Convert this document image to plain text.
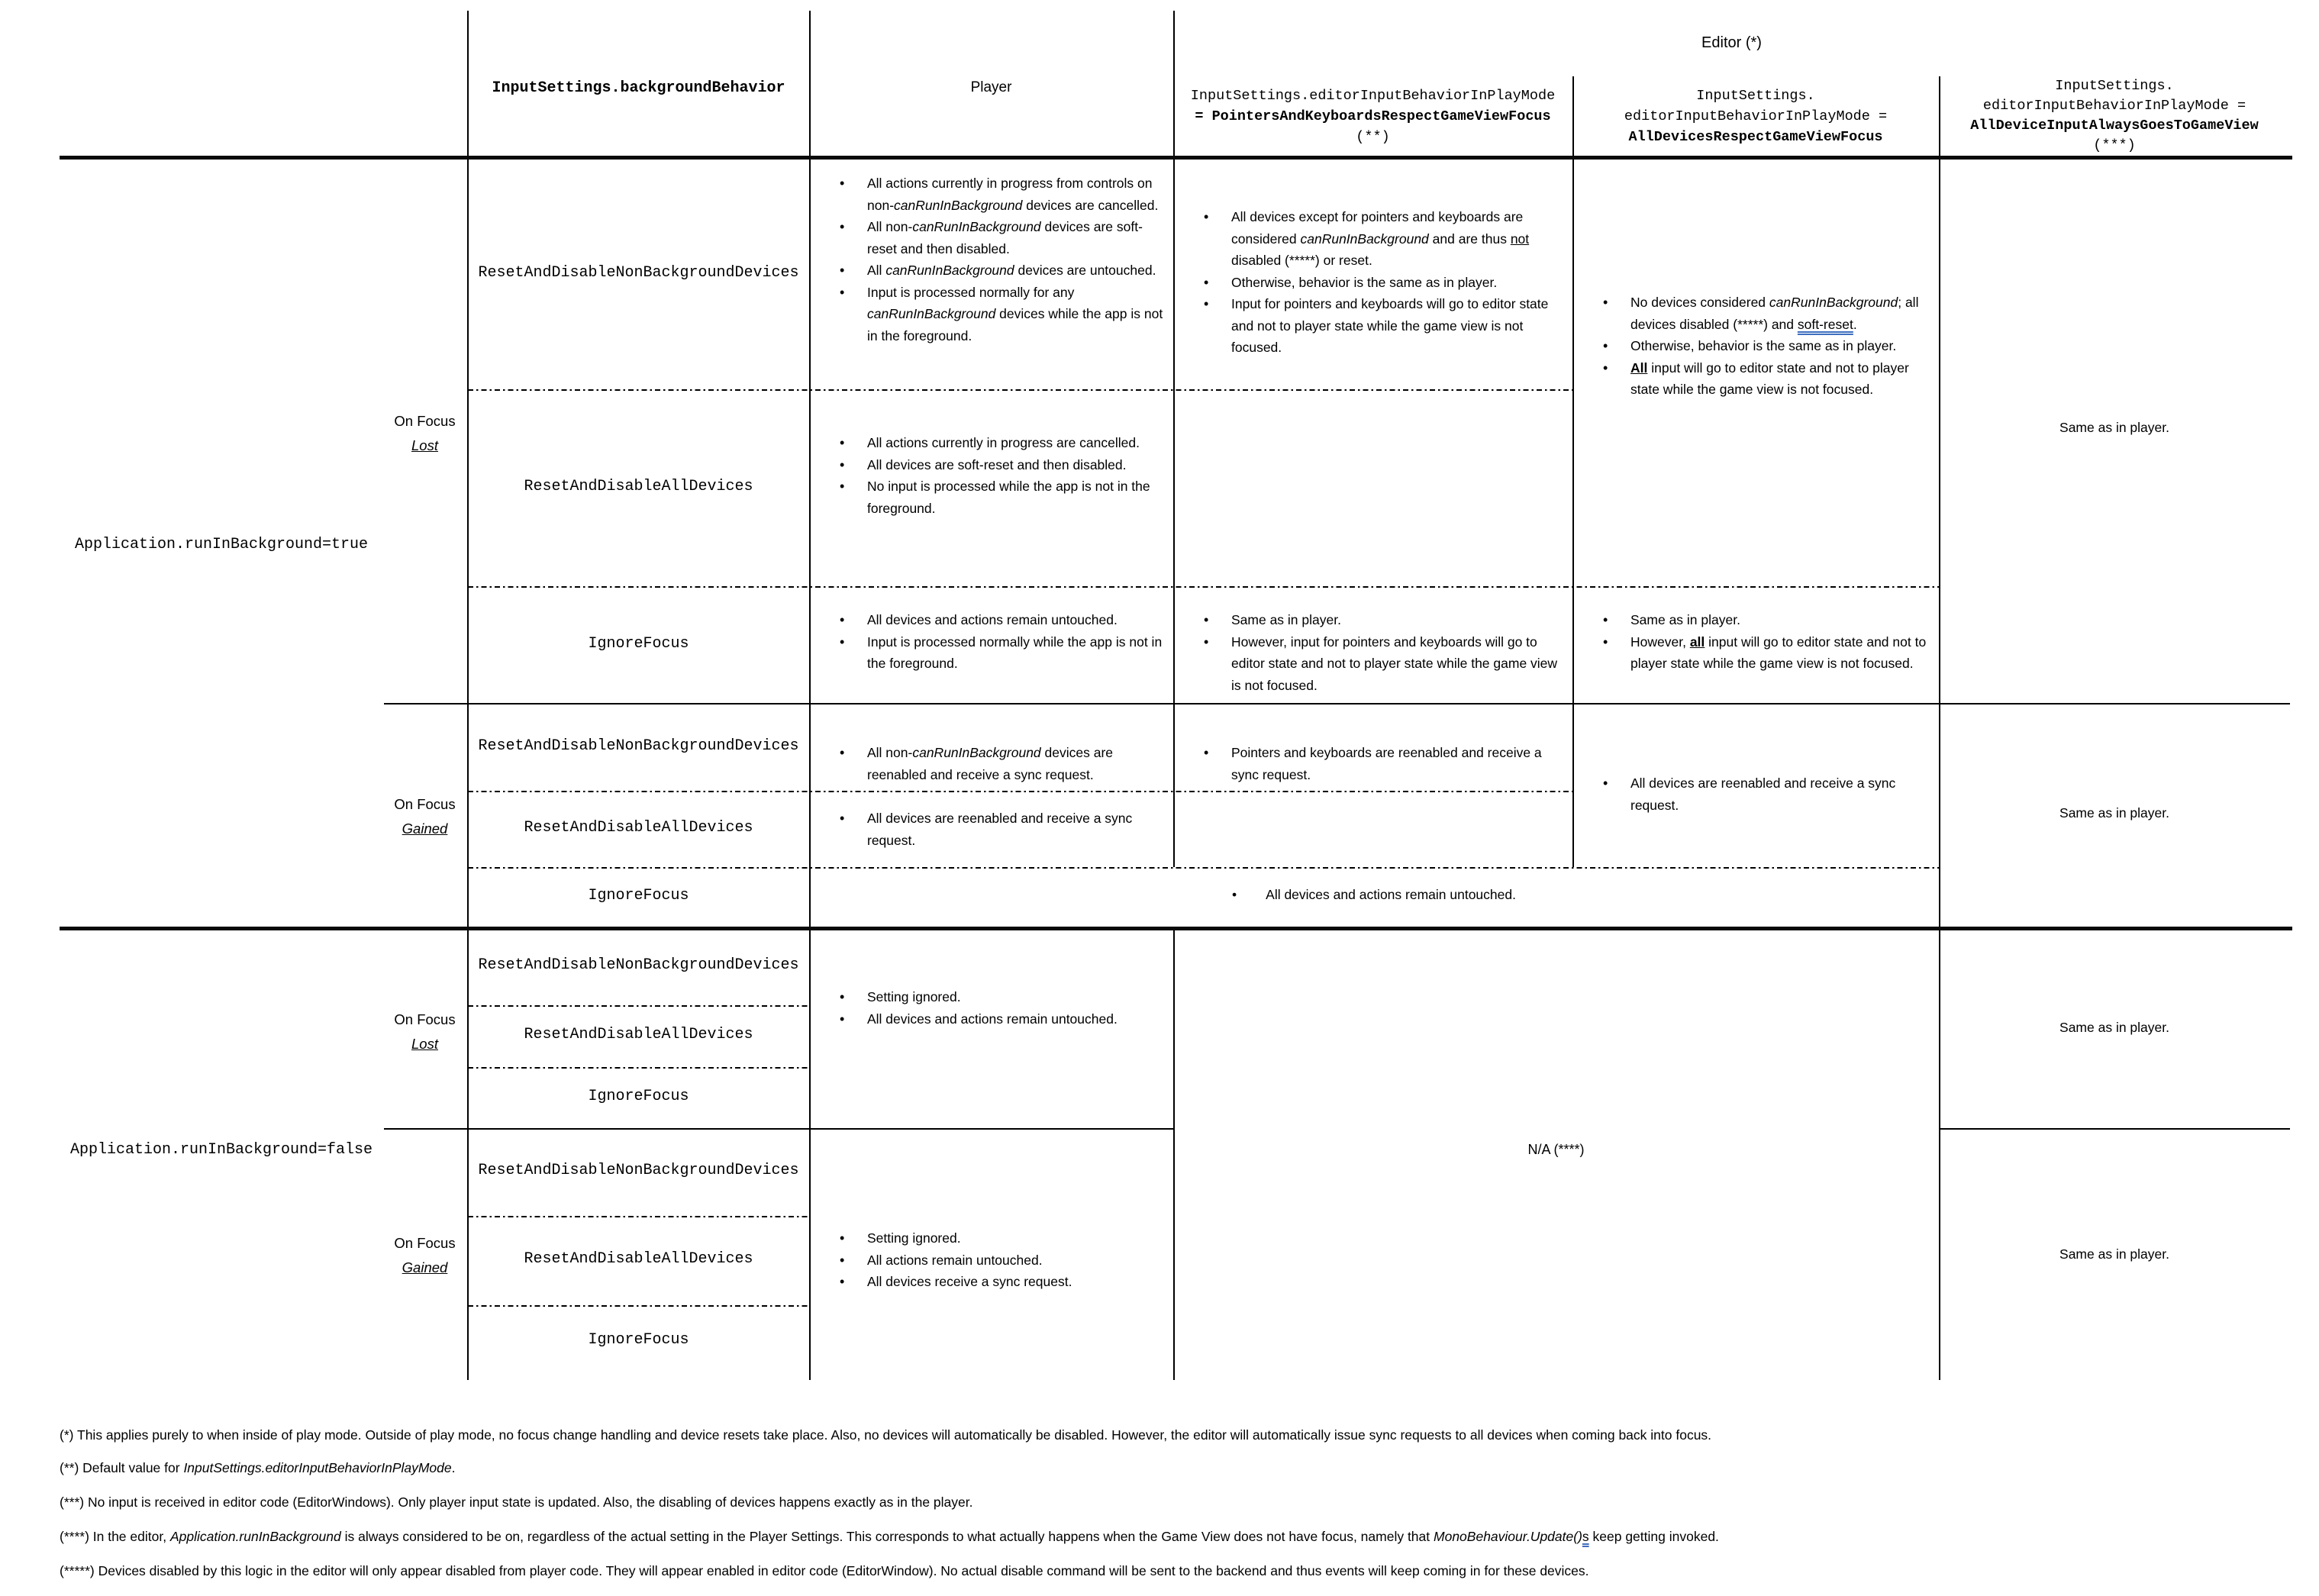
Editor (*)
InputSettings.backgroundBehavior	Player
InputSettings.editorInputBehaviorInPlayMode
= PointersAndKeyboardsRespectGameViewFocus
(**)
InputSettings.
editorInputBehaviorInPlayMode =
AllDevicesRespectGameViewFocus
InputSettings.
editorInputBehaviorInPlayMode =
AllDeviceInputAlwaysGoesToGameView
(***)
Application.runInBackground=true
Application.runInBackground=false
On Focus
Lost
On Focus
Gained
On Focus
Lost
On Focus
Gained
ResetAndDisableNonBackgroundDevices
ResetAndDisableAllDevices
IgnoreFocus
ResetAndDisableNonBackgroundDevices
ResetAndDisableAllDevices
IgnoreFocus
ResetAndDisableNonBackgroundDevices
ResetAndDisableAllDevices
IgnoreFocus
ResetAndDisableNonBackgroundDevices
ResetAndDisableAllDevices
IgnoreFocus
• All actions currently in progress from controls on non-canRunInBackground devices are cancelled.
• All non-canRunInBackground devices are soft-reset and then disabled.
• All canRunInBackground devices are untouched.
• Input is processed normally for any canRunInBackground devices while the app is not in the foreground.
• All actions currently in progress are cancelled.
• All devices are soft-reset and then disabled.
• No input is processed while the app is not in the foreground.
• All devices and actions remain untouched.
• Input is processed normally while the app is not in the foreground.
• All non-canRunInBackground devices are reenabled and receive a sync request.
• All devices are reenabled and receive a sync request.
• All devices except for pointers and keyboards are considered canRunInBackground and are thus not disabled (*****) or reset.
• Otherwise, behavior is the same as in player.
• Input for pointers and keyboards will go to editor state and not to player state while the game view is not focused.
• Same as in player.
• However, input for pointers and keyboards will go to editor state and not to player state while the game view is not focused.
• Pointers and keyboards are reenabled and receive a sync request.
• No devices considered canRunInBackground; all devices disabled (*****) and soft-reset.
• Otherwise, behavior is the same as in player.
• All input will go to editor state and not to player state while the game view is not focused.
• Same as in player.
• However, all input will go to editor state and not to player state while the game view is not focused.
• All devices are reenabled and receive a sync request.
• All devices and actions remain untouched.
Same as in player.
Same as in player.
Same as in player.
Same as in player.
• Setting ignored.
• All devices and actions remain untouched.
• Setting ignored.
• All actions remain untouched.
• All devices receive a sync request.
N/A (****)
(*) This applies purely to when inside of play mode. Outside of play mode, no focus change handling and device resets take place. Also, no devices will automatically be disabled. However, the editor will automatically issue sync requests to all devices when coming back into focus.
(**) Default value for InputSettings.editorInputBehaviorInPlayMode.
(***) No input is received in editor code (EditorWindows). Only player input state is updated. Also, the disabling of devices happens exactly as in the player.
(****) In the editor, Application.runInBackground is always considered to be on, regardless of the actual setting in the Player Settings. This corresponds to what actually happens when the Game View does not have focus, namely that MonoBehaviour.Update()s keep getting invoked.
(*****) Devices disabled by this logic in the editor will only appear disabled from player code. They will appear enabled in editor code (EditorWindow). No actual disable command will be sent to the backend and thus events will keep coming in for these devices.
